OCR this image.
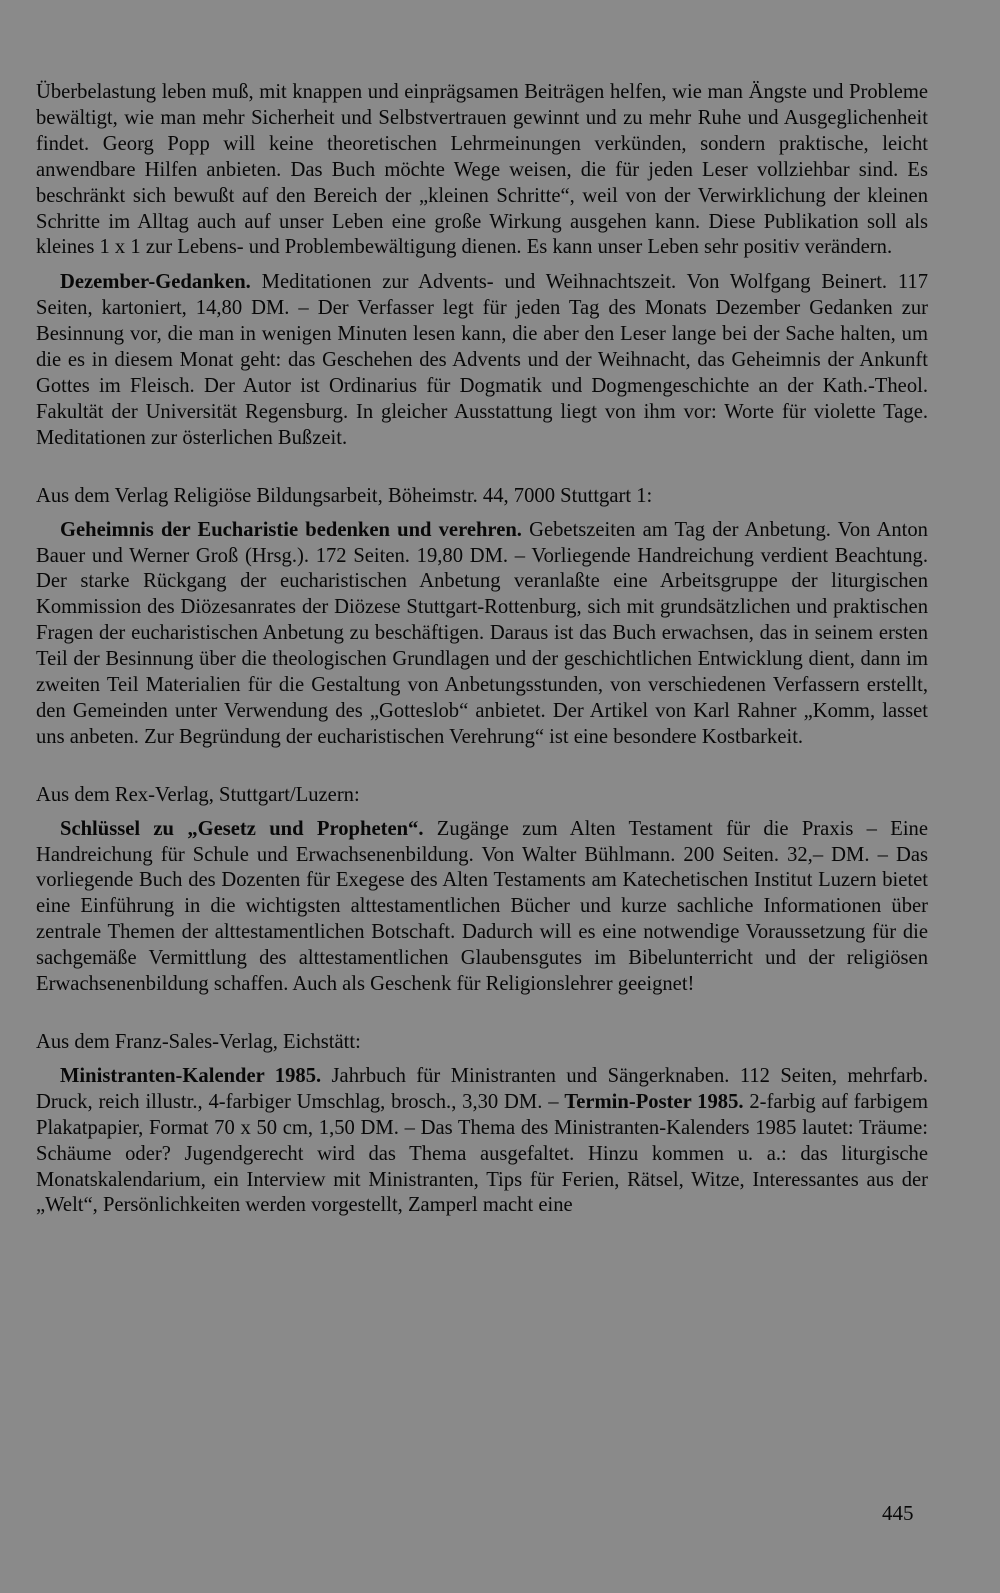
Überbelastung leben muß, mit knappen und einprägsamen Beiträgen helfen, wie man Ängste und Probleme bewältigt, wie man mehr Sicherheit und Selbstvertrauen gewinnt und zu mehr Ruhe und Ausgeglichenheit findet. Georg Popp will keine theoretischen Lehrmeinungen verkünden, sondern praktische, leicht anwendbare Hilfen anbieten. Das Buch möchte Wege weisen, die für jeden Leser vollziehbar sind. Es beschränkt sich bewußt auf den Bereich der „kleinen Schritte“, weil von der Verwirklichung der kleinen Schritte im Alltag auch auf unser Leben eine große Wirkung ausgehen kann. Diese Publikation soll als kleines 1 x 1 zur Lebens- und Problembewältigung dienen. Es kann unser Leben sehr positiv verändern.

Dezember-Gedanken. Meditationen zur Advents- und Weihnachtszeit. Von Wolfgang Beinert. 117 Seiten, kartoniert, 14,80 DM. – Der Verfasser legt für jeden Tag des Monats Dezember Gedanken zur Besinnung vor, die man in wenigen Minuten lesen kann, die aber den Leser lange bei der Sache halten, um die es in diesem Monat geht: das Geschehen des Advents und der Weihnacht, das Geheimnis der Ankunft Gottes im Fleisch. Der Autor ist Ordinarius für Dogmatik und Dogmengeschichte an der Kath.-Theol. Fakultät der Universität Regensburg. In gleicher Ausstattung liegt von ihm vor: Worte für violette Tage. Meditationen zur österlichen Bußzeit.

Aus dem Verlag Religiöse Bildungsarbeit, Böheimstr. 44, 7000 Stuttgart 1:

Geheimnis der Eucharistie bedenken und verehren. Gebetszeiten am Tag der Anbetung. Von Anton Bauer und Werner Groß (Hrsg.). 172 Seiten. 19,80 DM. – Vorliegende Handreichung verdient Beachtung. Der starke Rückgang der eucharistischen Anbetung veranlaßte eine Arbeitsgruppe der liturgischen Kommission des Diözesanrates der Diözese Stuttgart-Rottenburg, sich mit grundsätzlichen und praktischen Fragen der eucharistischen Anbetung zu beschäftigen. Daraus ist das Buch erwachsen, das in seinem ersten Teil der Besinnung über die theologischen Grundlagen und der geschichtlichen Entwicklung dient, dann im zweiten Teil Materialien für die Gestaltung von Anbetungsstunden, von verschiedenen Verfassern erstellt, den Gemeinden unter Verwendung des „Gotteslob“ anbietet. Der Artikel von Karl Rahner „Komm, lasset uns anbeten. Zur Begründung der eucharistischen Verehrung“ ist eine besondere Kostbarkeit.

Aus dem Rex-Verlag, Stuttgart/Luzern:

Schlüssel zu „Gesetz und Propheten“. Zugänge zum Alten Testament für die Praxis – Eine Handreichung für Schule und Erwachsenenbildung. Von Walter Bühlmann. 200 Seiten. 32,– DM. – Das vorliegende Buch des Dozenten für Exegese des Alten Testaments am Katechetischen Institut Luzern bietet eine Einführung in die wichtigsten alttestamentlichen Bücher und kurze sachliche Informationen über zentrale Themen der alttestamentlichen Botschaft. Dadurch will es eine notwendige Voraussetzung für die sachgemäße Vermittlung des alttestamentlichen Glaubensgutes im Bibelunterricht und der religiösen Erwachsenenbildung schaffen. Auch als Geschenk für Religionslehrer geeignet!

Aus dem Franz-Sales-Verlag, Eichstätt:

Ministranten-Kalender 1985. Jahrbuch für Ministranten und Sängerknaben. 112 Seiten, mehrfarb. Druck, reich illustr., 4-farbiger Umschlag, brosch., 3,30 DM. – Termin-Poster 1985. 2-farbig auf farbigem Plakatpapier, Format 70 x 50 cm, 1,50 DM. – Das Thema des Ministranten-Kalenders 1985 lautet: Träume: Schäume oder? Jugendgerecht wird das Thema ausgefaltet. Hinzu kommen u. a.: das liturgische Monatskalendarium, ein Interview mit Ministranten, Tips für Ferien, Rätsel, Witze, Interessantes aus der „Welt“, Persönlichkeiten werden vorgestellt, Zamperl macht eine

445
